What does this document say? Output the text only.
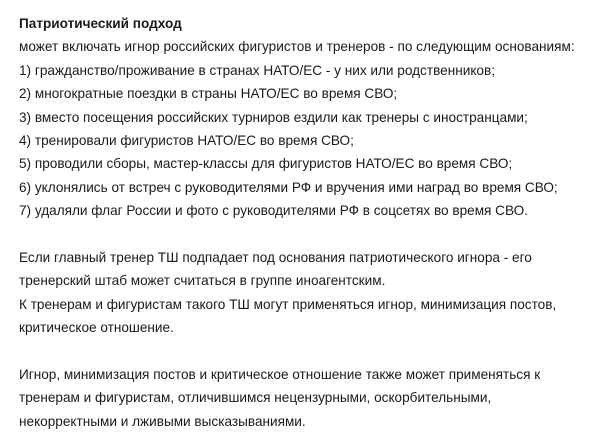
Патриотический подход
может включать игнор российских фигуристов и тренеров - по следующим основаниям:
1) гражданство/проживание в странах НАТО/ЕС - у них или родственников;
2) многократные поездки в страны НАТО/ЕС во время СВО;
3) вместо посещения российских турниров ездили как тренеры с иностранцами;
4) тренировали фигуристов НАТО/ЕС во время СВО;
5) проводили сборы, мастер-классы для фигуристов НАТО/ЕС во время СВО;
6) уклонялись от встреч с руководителями РФ и вручения ими наград во время СВО;
7) удаляли флаг России и фото с руководителями РФ в соцсетях во время СВО.
Если главный тренер ТШ подпадает под основания патриотического игнора - его
тренерский штаб может считаться в группе иноагентским.
К тренерам и фигуристам такого ТШ могут применяться игнор, минимизация постов,
критическое отношение.
Игнор, минимизация постов и критическое отношение также может применяться к
тренерам и фигуристам, отличившимся нецензурными, оскорбительными,
некорректными и лживыми высказываниями.
